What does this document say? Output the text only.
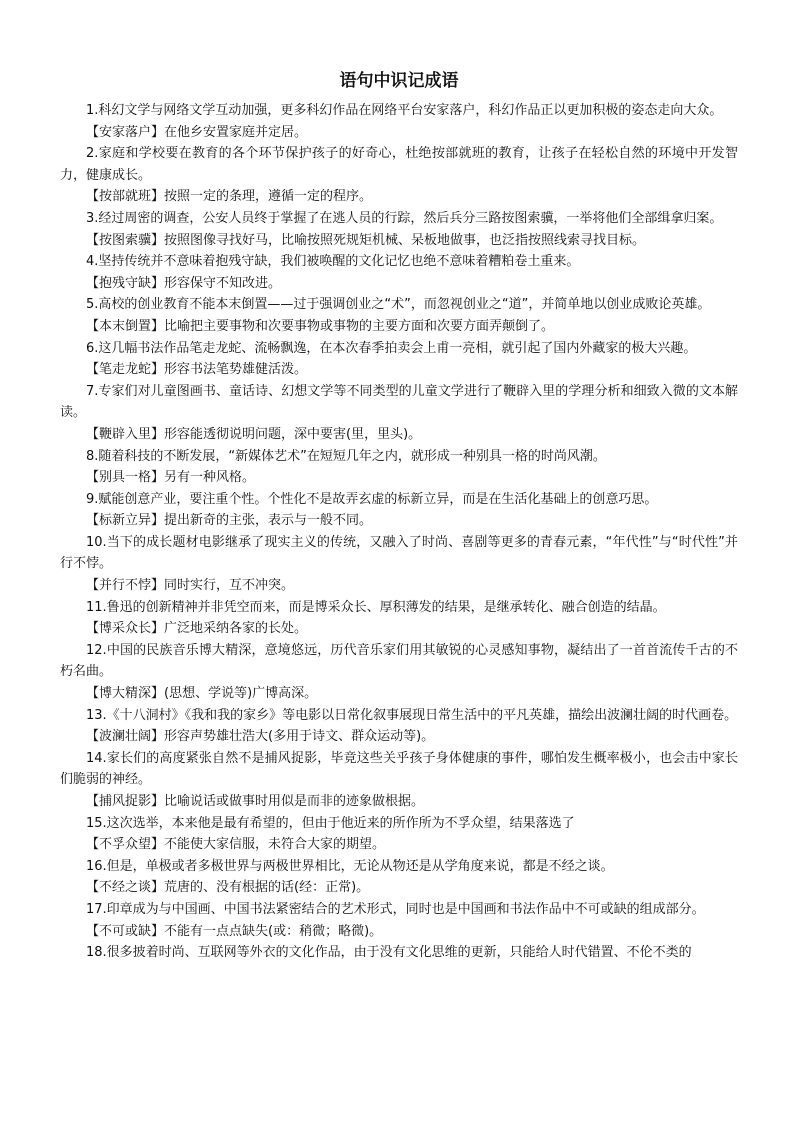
语句中识记成语

1.科幻文学与网络文学互动加强，更多科幻作品在网络平台安家落户，科幻作品正以更加积极的姿态走向大众。

【安家落户】在他乡安置家庭并定居。

2.家庭和学校要在教育的各个环节保护孩子的好奇心，杜绝按部就班的教育，让孩子在轻松自然的环境中开发智力，健康成长。

【按部就班】按照一定的条理，遵循一定的程序。

3.经过周密的调查，公安人员终于掌握了在逃人员的行踪，然后兵分三路按图索骥，一举将他们全部缉拿归案。

【按图索骥】按照图像寻找好马，比喻按照死规矩机械、呆板地做事，也泛指按照线索寻找目标。

4.坚持传统并不意味着抱残守缺，我们被唤醒的文化记忆也绝不意味着糟粕卷土重来。

【抱残守缺】形容保守不知改进。

5.高校的创业教育不能本末倒置——过于强调创业之“术”，而忽视创业之“道”，并简单地以创业成败论英雄。

【本末倒置】比喻把主要事物和次要事物或事物的主要方面和次要方面弄颠倒了。

6.这几幅书法作品笔走龙蛇、流畅飘逸，在本次春季拍卖会上甫一亮相，就引起了国内外藏家的极大兴趣。

【笔走龙蛇】形容书法笔势雄健活泼。

7.专家们对儿童图画书、童话诗、幻想文学等不同类型的儿童文学进行了鞭辟入里的学理分析和细致入微的文本解读。

【鞭辟入里】形容能透彻说明问题，深中要害(里，里头)。

8.随着科技的不断发展，“新媒体艺术”在短短几年之内，就形成一种别具一格的时尚风潮。

【别具一格】另有一种风格。

9.赋能创意产业，要注重个性。个性化不是故弄玄虚的标新立异，而是在生活化基础上的创意巧思。

【标新立异】提出新奇的主张，表示与一般不同。

10.当下的成长题材电影继承了现实主义的传统，又融入了时尚、喜剧等更多的青春元素，“年代性”与“时代性”并行不悖。

【并行不悖】同时实行，互不冲突。

11.鲁迅的创新精神并非凭空而来，而是博采众长、厚积薄发的结果，是继承转化、融合创造的结晶。

【博采众长】广泛地采纳各家的长处。

12.中国的民族音乐博大精深，意境悠远，历代音乐家们用其敏锐的心灵感知事物，凝结出了一首首流传千古的不朽名曲。

【博大精深】(思想、学说等)广博高深。

13.《十八洞村》《我和我的家乡》等电影以日常化叙事展现日常生活中的平凡英雄，描绘出波澜壮阔的时代画卷。

【波澜壮阔】形容声势雄壮浩大(多用于诗文、群众运动等)。

14.家长们的高度紧张自然不是捕风捉影，毕竟这些关乎孩子身体健康的事件，哪怕发生概率极小，也会击中家长们脆弱的神经。

【捕风捉影】比喻说话或做事时用似是而非的迹象做根据。

15.这次选举，本来他是最有希望的，但由于他近来的所作所为不孚众望，结果落选了

【不孚众望】不能使大家信服，未符合大家的期望。

16.但是，单极或者多极世界与两极世界相比，无论从物还是从学角度来说，都是不经之谈。

【不经之谈】荒唐的、没有根据的话(经：正常)。

17.印章成为与中国画、中国书法紧密结合的艺术形式，同时也是中国画和书法作品中不可或缺的组成部分。

【不可或缺】不能有一点点缺失(或：稍微；略微)。

18.很多披着时尚、互联网等外衣的文化作品，由于没有文化思维的更新，只能给人时代错置、不伦不类的
